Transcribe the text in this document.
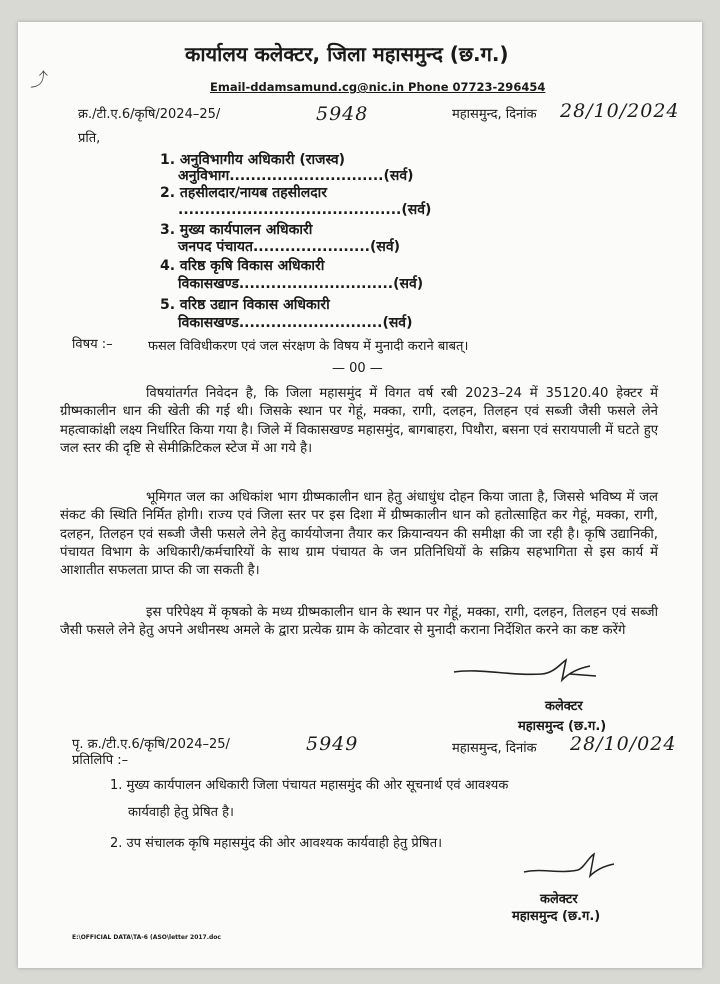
कार्यालय कलेक्टर, जिला महासमुन्द (छ.ग.)
⤴	Email-ddamsamund.cg@nic.in Phone 07723-296454
क्र./टी.ए.6/कृषि/2024–25/	5948	महासमुन्द, दिनांक 28/10/2024
प्रति,
1. अनुविभागीय अधिकारी (राजस्व)
अनुविभाग.............................(सर्व)
2. तहसीलदार/नायब तहसीलदार
..........................................(सर्व)
3. मुख्य कार्यपालन अधिकारी
जनपद पंचायत......................(सर्व)
4. वरिष्ठ कृषि विकास अधिकारी
विकासखण्ड.............................(सर्व)
5. वरिष्ठ उद्यान विकास अधिकारी
विकासखण्ड...........................(सर्व)
विषय :–	फसल विविधीकरण एवं जल संरक्षण के विषय में मुनादी कराने बाबत्।
— 00 —
विषयांतर्गत निवेदन है, कि जिला महासमुंद में विगत वर्ष रबी 2023–24 में 35120.40 हेक्टर में ग्रीष्मकालीन धान की खेती की गई थी। जिसके स्थान पर गेहूं, मक्का, रागी, दलहन, तिलहन एवं सब्जी जैसी फसले लेने महत्वाकांक्षी लक्ष्य निर्धारित किया गया है। जिले में विकासखण्ड महासमुंद, बागबाहरा, पिथौरा, बसना एवं सरायपाली में घटते हुए जल स्तर की दृष्टि से सेमीक्रिटिकल स्टेज में आ गये है।
भूमिगत जल का अधिकांश भाग ग्रीष्मकालीन धान हेतु अंधाधुंध दोहन किया जाता है, जिससे भविष्य में जल संकट की स्थिति निर्मित होगी। राज्य एवं जिला स्तर पर इस दिशा में ग्रीष्मकालीन धान को हतोत्साहित कर गेहूं, मक्का, रागी, दलहन, तिलहन एवं सब्जी जैसी फसले लेने हेतु कार्ययोजना तैयार कर क्रियान्वयन की समीक्षा की जा रही है। कृषि उद्यानिकी, पंचायत विभाग के अधिकारी/कर्मचारियों के साथ ग्राम पंचायत के जन प्रतिनिधियों के सक्रिय सहभागिता से इस कार्य में आशातीत सफलता प्राप्त की जा सकती है।
इस परिपेक्ष्य में कृषको के मध्य ग्रीष्मकालीन धान के स्थान पर गेहूं, मक्का, रागी, दलहन, तिलहन एवं सब्जी जैसी फसले लेने हेतु अपने अधीनस्थ अमले के द्वारा प्रत्येक ग्राम के कोटवार से मुनादी कराना निर्देशित करने का कष्ट करेंगे
कलेक्टर
महासमुन्द (छ.ग.)
पृ. क्र./टी.ए.6/कृषि/2024–25/
प्रतिलिपि :–
5949	महासमुन्द, दिनांक 28/10/024
1. मुख्य कार्यपालन अधिकारी जिला पंचायत महासमुंद की ओर सूचनार्थ एवं आवश्यक
कार्यवाही हेतु प्रेषित है।
2. उप संचालक कृषि महासमुंद की ओर आवश्यक कार्यवाही हेतु प्रेषित।
कलेक्टर
महासमुन्द (छ.ग.)
E:\OFFICIAL DATA\TA-6 (ASO\letter 2017.doc
